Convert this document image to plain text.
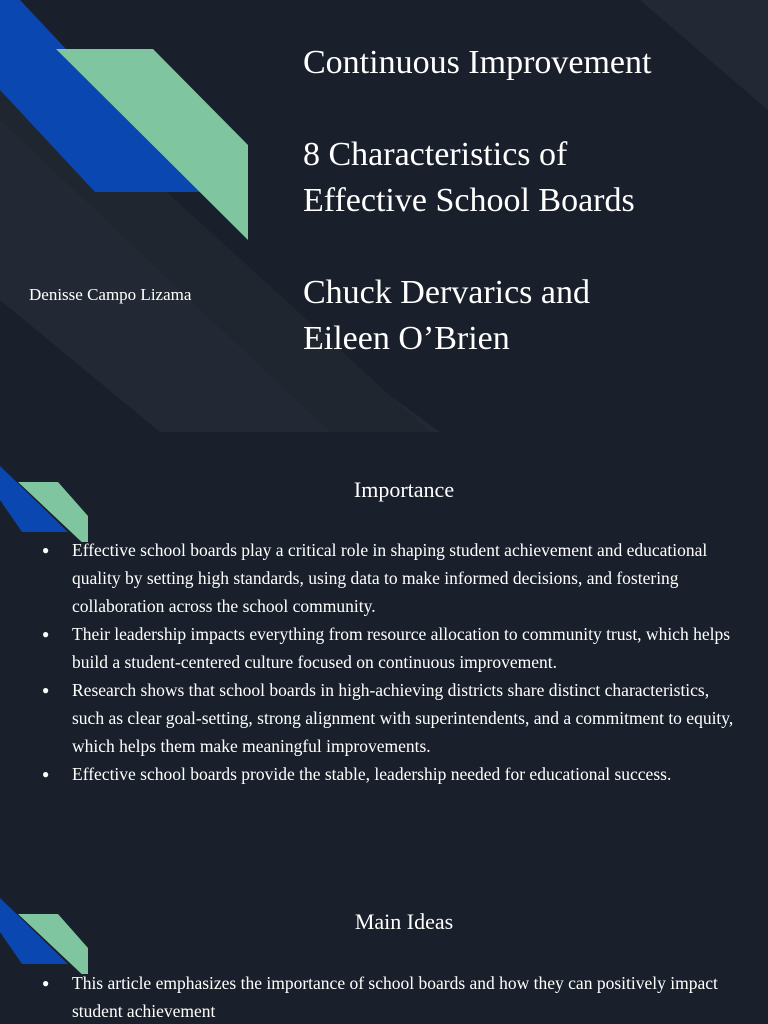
Continuous Improvement
8 Characteristics of
Effective School Boards
Chuck Dervarics and
Eileen O’Brien
Denisse Campo Lizama
Importance
● Effective school boards play a critical role in shaping student achievement and educational quality by setting high standards, using data to make informed decisions, and fostering collaboration across the school community.
● Their leadership impacts everything from resource allocation to community trust, which helps build a student-centered culture focused on continuous improvement.
● Research shows that school boards in high-achieving districts share distinct characteristics, such as clear goal-setting, strong alignment with superintendents, and a commitment to equity, which helps them make meaningful improvements.
● Effective school boards provide the stable, leadership needed for educational success.
Main Ideas
● This article emphasizes the importance of school boards and how they can positively impact student achievement
